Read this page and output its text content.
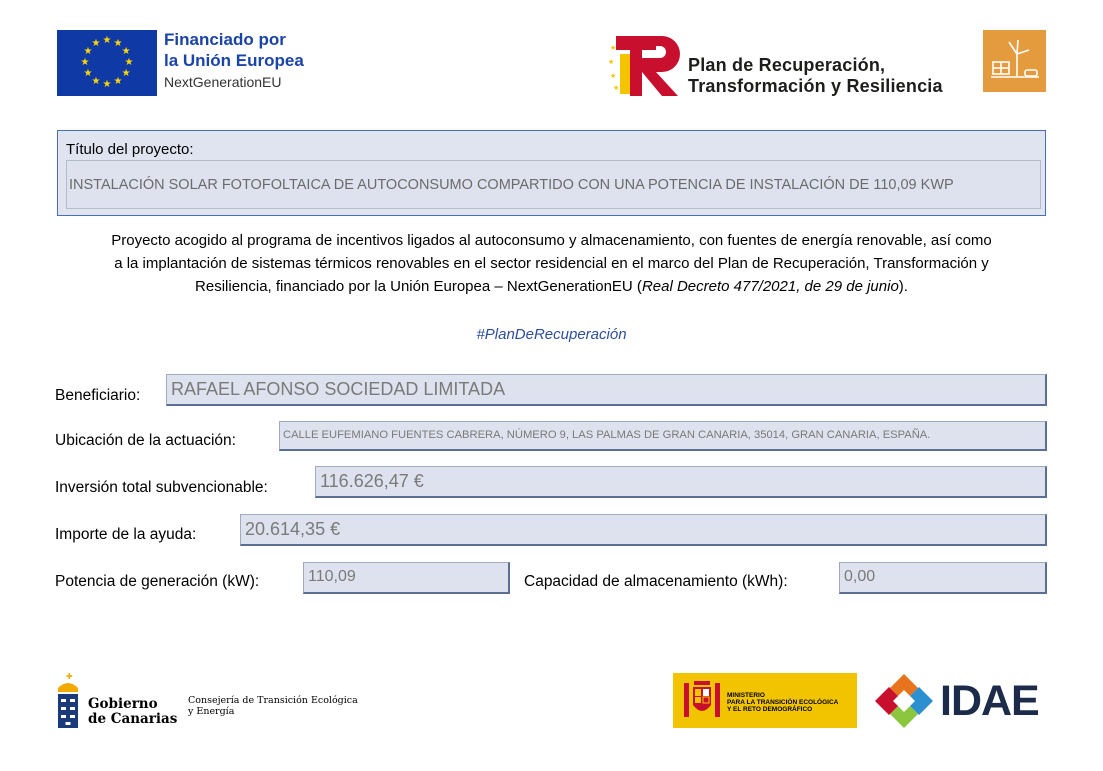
★ ★
★
★
★
★
★
★
★
★
★
★	Financiado por
la Unión Europea
NextGenerationEU
★
★
★
★
Plan de Recuperación,
Transformación y Resiliencia
Título del proyecto:
INSTALACIÓN SOLAR FOTOFOLTAICA DE AUTOCONSUMO COMPARTIDO CON UNA POTENCIA DE INSTALACIÓN DE 110,09 KWP
Proyecto acogido al programa de incentivos ligados al autoconsumo y almacenamiento, con fuentes de energía renovable, así como
a la implantación de sistemas térmicos renovables en el sector residencial en el marco del Plan de Recuperación, Transformación y
Resiliencia, financiado por la Unión Europea – NextGenerationEU (Real Decreto 477/2021, de 29 de junio).
#PlanDeRecuperación
Beneficiario: RAFAEL AFONSO SOCIEDAD LIMITADA
Ubicación de la actuación:	CALLE EUFEMIANO FUENTES CABRERA, NÚMERO 9, LAS PALMAS DE GRAN CANARIA, 35014, GRAN CANARIA, ESPAÑA.
Inversión total subvencionable:	116.626,47 €
Importe de la ayuda:	20.614,35 €
Potencia de generación (kW):	110,09	Capacidad de almacenamiento (kWh):	0,00
✚
Gobierno
de Canarias
Consejería de Transición Ecológica
y Energía
MINISTERIO
PARA LA TRANSICIÓN ECOLÓGICA
Y EL RETO DEMOGRÁFICO	IDAE
